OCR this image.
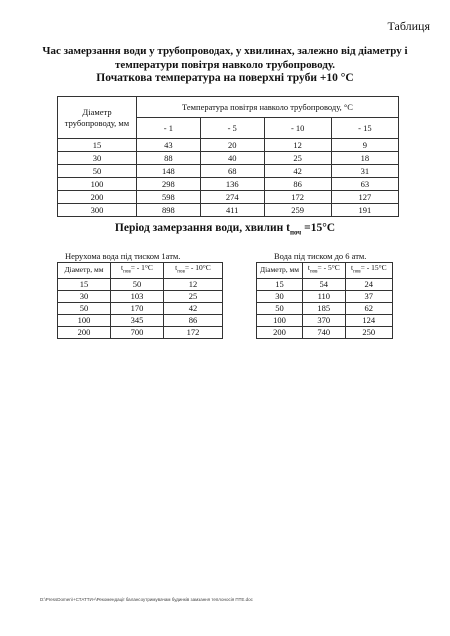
Таблиця
Час замерзання води у трубопроводах, у хвилинах, залежно від діаметру і
температури повітря навколо трубопроводу.
Початкова температура на поверхні труби +10 °С
Діаметр трубопроводу, мм	Температура повітря навколо трубопроводу, °С			
	- 1	- 5	- 10	- 15
15	43	20	12	9
30	88	40	25	18
50	148	68	42	31
100	298	136	86	63
200	598	274	172	127
300	898	411	259	191
Період замерзання води, хвилин $t_{поч} =15^\circ С$
Нерухома вода під тиском 1атм.	Вода під тиском до 6 атм.
Діаметр, мм	$t_{пов}= - 1^\circ С$	$t_{пов}= - 10^\circ С$
15	50	12
30	103	25
50	170	42
100	345	86
200	700	172
Діаметр, мм	$t_{пов}= - 5^\circ С$	$t_{пов}= - 15^\circ С$
15	54	24
30	110	37
50	185	62
100	370	124
200	740	250
D:\PressDomen\+СТАТТИ+\Рекомендації балансоутримувачам будинків замзання теплоносія ПТЕ.doc
